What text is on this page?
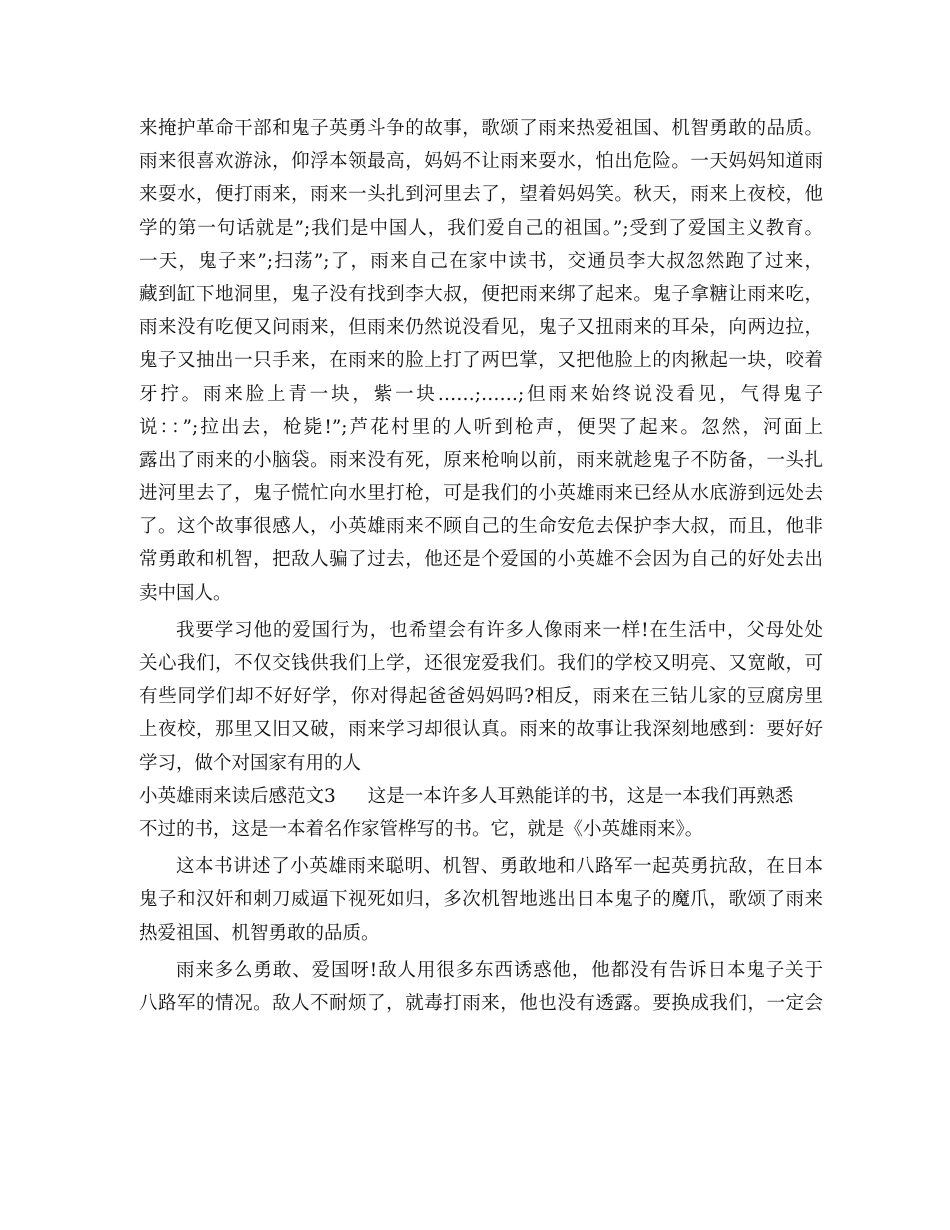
来掩护革命干部和鬼子英勇斗争的故事，歌颂了雨来热爱祖国、机智勇敢的品质。
雨来很喜欢游泳，仰浮本领最高，妈妈不让雨来耍水，怕出危险。一天妈妈知道雨
来耍水，便打雨来，雨来一头扎到河里去了，望着妈妈笑。秋天，雨来上夜校，他
学的第一句话就是”;我们是中国人，我们爱自己的祖国。”;受到了爱国主义教育。
一天，鬼子来”;扫荡”;了，雨来自己在家中读书，交通员李大叔忽然跑了过来，
藏到缸下地洞里，鬼子没有找到李大叔，便把雨来绑了起来。鬼子拿糖让雨来吃，
雨来没有吃便又问雨来，但雨来仍然说没看见，鬼子又扭雨来的耳朵，向两边拉，
鬼子又抽出一只手来，在雨来的脸上打了两巴掌，又把他脸上的肉揪起一块，咬着
牙拧。雨来脸上青一块，紫一块……;……;但雨来始终说没看见，气得鬼子
说：：”;拉出去，枪毙!”;芦花村里的人听到枪声，便哭了起来。忽然，河面上
露出了雨来的小脑袋。雨来没有死，原来枪响以前，雨来就趁鬼子不防备，一头扎
进河里去了，鬼子慌忙向水里打枪，可是我们的小英雄雨来已经从水底游到远处去
了。这个故事很感人，小英雄雨来不顾自己的生命安危去保护李大叔，而且，他非
常勇敢和机智，把敌人骗了过去，他还是个爱国的小英雄不会因为自己的好处去出
卖中国人。
我要学习他的爱国行为，也希望会有许多人像雨来一样!在生活中，父母处处
关心我们，不仅交钱供我们上学，还很宠爱我们。我们的学校又明亮、又宽敞，可
有些同学们却不好好学，你对得起爸爸妈妈吗?相反，雨来在三钻儿家的豆腐房里
上夜校，那里又旧又破，雨来学习却很认真。雨来的故事让我深刻地感到：要好好
学习，做个对国家有用的人
小英雄雨来读后感范文3 这是一本许多人耳熟能详的书，这是一本我们再熟悉
不过的书，这是一本着名作家管桦写的书。它，就是《小英雄雨来》。
这本书讲述了小英雄雨来聪明、机智、勇敢地和八路军一起英勇抗敌，在日本
鬼子和汉奸和刺刀威逼下视死如归，多次机智地逃出日本鬼子的魔爪，歌颂了雨来
热爱祖国、机智勇敢的品质。
雨来多么勇敢、爱国呀!敌人用很多东西诱惑他，他都没有告诉日本鬼子关于
八路军的情况。敌人不耐烦了，就毒打雨来，他也没有透露。要换成我们，一定会
